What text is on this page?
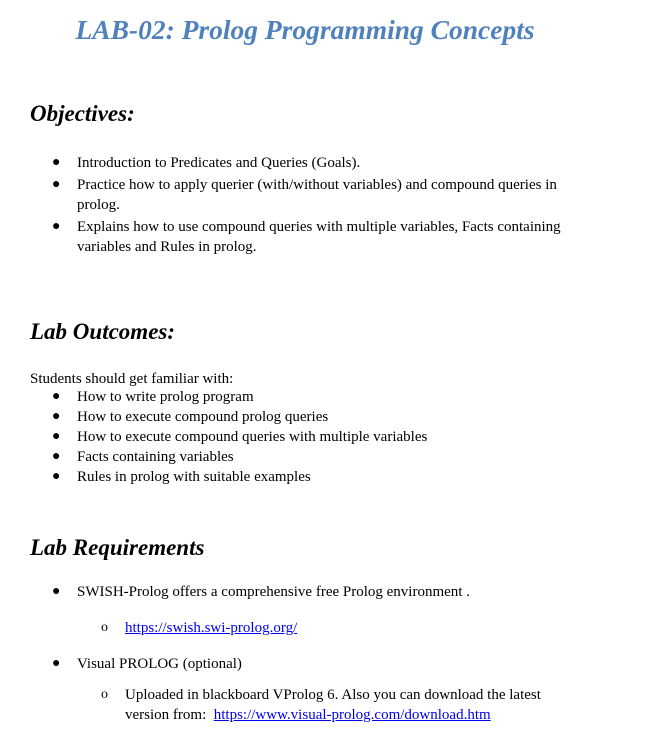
LAB-02: Prolog Programming Concepts
Objectives:
● Introduction to Predicates and Queries (Goals).
● Practice how to apply querier (with/without variables) and compound queries in prolog.
● Explains how to use compound queries with multiple variables, Facts containing variables and Rules in prolog.
Lab Outcomes:

Students should get familiar with:

● How to write prolog program
● How to execute compound prolog queries
● How to execute compound queries with multiple variables
● Facts containing variables
● Rules in prolog with suitable examples
Lab Requirements
● SWISH-Prolog offers a comprehensive free Prolog environment .
o https://swish.swi-prolog.org/
● Visual PROLOG (optional)
o Uploaded in blackboard VProlog 6. Also you can download the latest version from: https://www.visual-prolog.com/download.htm
